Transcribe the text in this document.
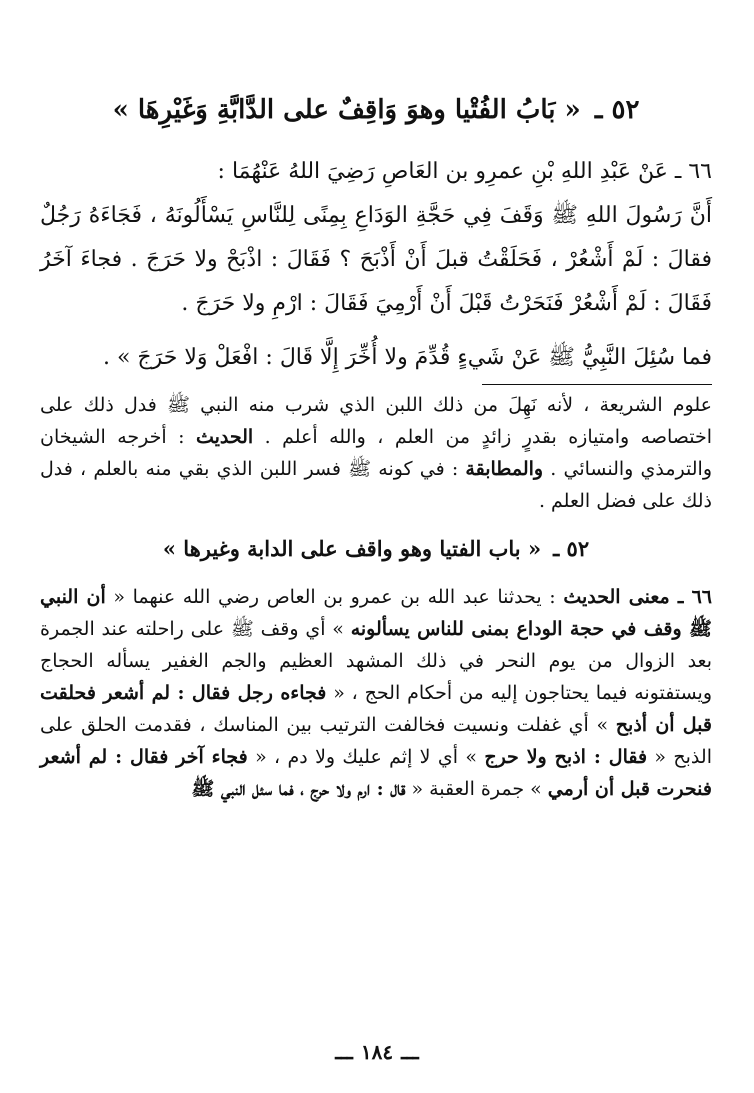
٥٢ ـ« بَابُ الفُتْيا وهوَ وَاقِفٌ على الدَّابَّةِ وَغَيْرِهَا »

٦٦ ـ عَنْ عَبْدِ اللهِ بْنِ عمرِو بن العَاصِ رَضِيَ اللهُ عَنْهُمَا :

أَنَّ رَسُولَ اللهِ ﷺ وَقَفَ فِي حَجَّةِ الوَدَاعِ بِمِنًى لِلنَّاسِ يَسْأَلُونَهُ ، فَجَاءَهُ رَجُلٌ فقالَ : لَمْ أَشْعُرْ ، فَحَلَقْتُ قبلَ أَنْ أَذْبَحَ ؟ فَقَالَ : اذْبَحْ ولا حَرَجَ . فجاءَ آخَرُ فَقَالَ : لَمْ أَشْعُرْ فَنَحَرْتُ قَبْلَ أَنْ أَرْمِيَ فَقَالَ : ارْمِ ولا حَرَجَ .

فما سُئِلَ النَّبِيُّ ﷺ عَنْ شَيءٍ قُدِّمَ ولا أُخِّرَ إِلَّا قَالَ : افْعَلْ وَلا حَرَجَ » .

علوم الشريعة ، لأنه نَهِلَ من ذلك اللبن الذي شرب منه النبي ﷺ فدل ذلك على اختصاصه وامتيازه بقدرٍ زائدٍ من العلم ، والله أعلم . الحديث : أخرجه الشيخان والترمذي والنسائي . والمطابقة : في كونه ﷺ فسر اللبن الذي بقي منه بالعلم ، فدل ذلك على فضل العلم .

٥٢ ـ« باب الفتيا وهو واقف على الدابة وغيرها »

٦٦ ـ معنى الحديث : يحدثنا عبد الله بن عمرو بن العاص رضي الله عنهما « أن النبي ﷺ وقف في حجة الوداع بمنى للناس يسألونه » أي وقف ﷺ على راحلته عند الجمرة بعد الزوال من يوم النحر في ذلك المشهد العظيم والجم الغفير يسأله الحجاج ويستفتونه فيما يحتاجون إليه من أحكام الحج ، « فجاءه رجل فقال : لم أشعر فحلقت قبل أن أذبح » أي غفلت ونسيت فخالفت الترتيب بين المناسك ، فقدمت الحلق على الذبح « فقال : اذبح ولا حرج » أي لا إثم عليك ولا دم ، « فجاء آخر فقال : لم أشعر فنحرت قبل أن أرمي » جمرة العقبة « قال : ارم ولا حرج ، فما سئل النبي ﷺ

ـــ١٨٤ـــ
